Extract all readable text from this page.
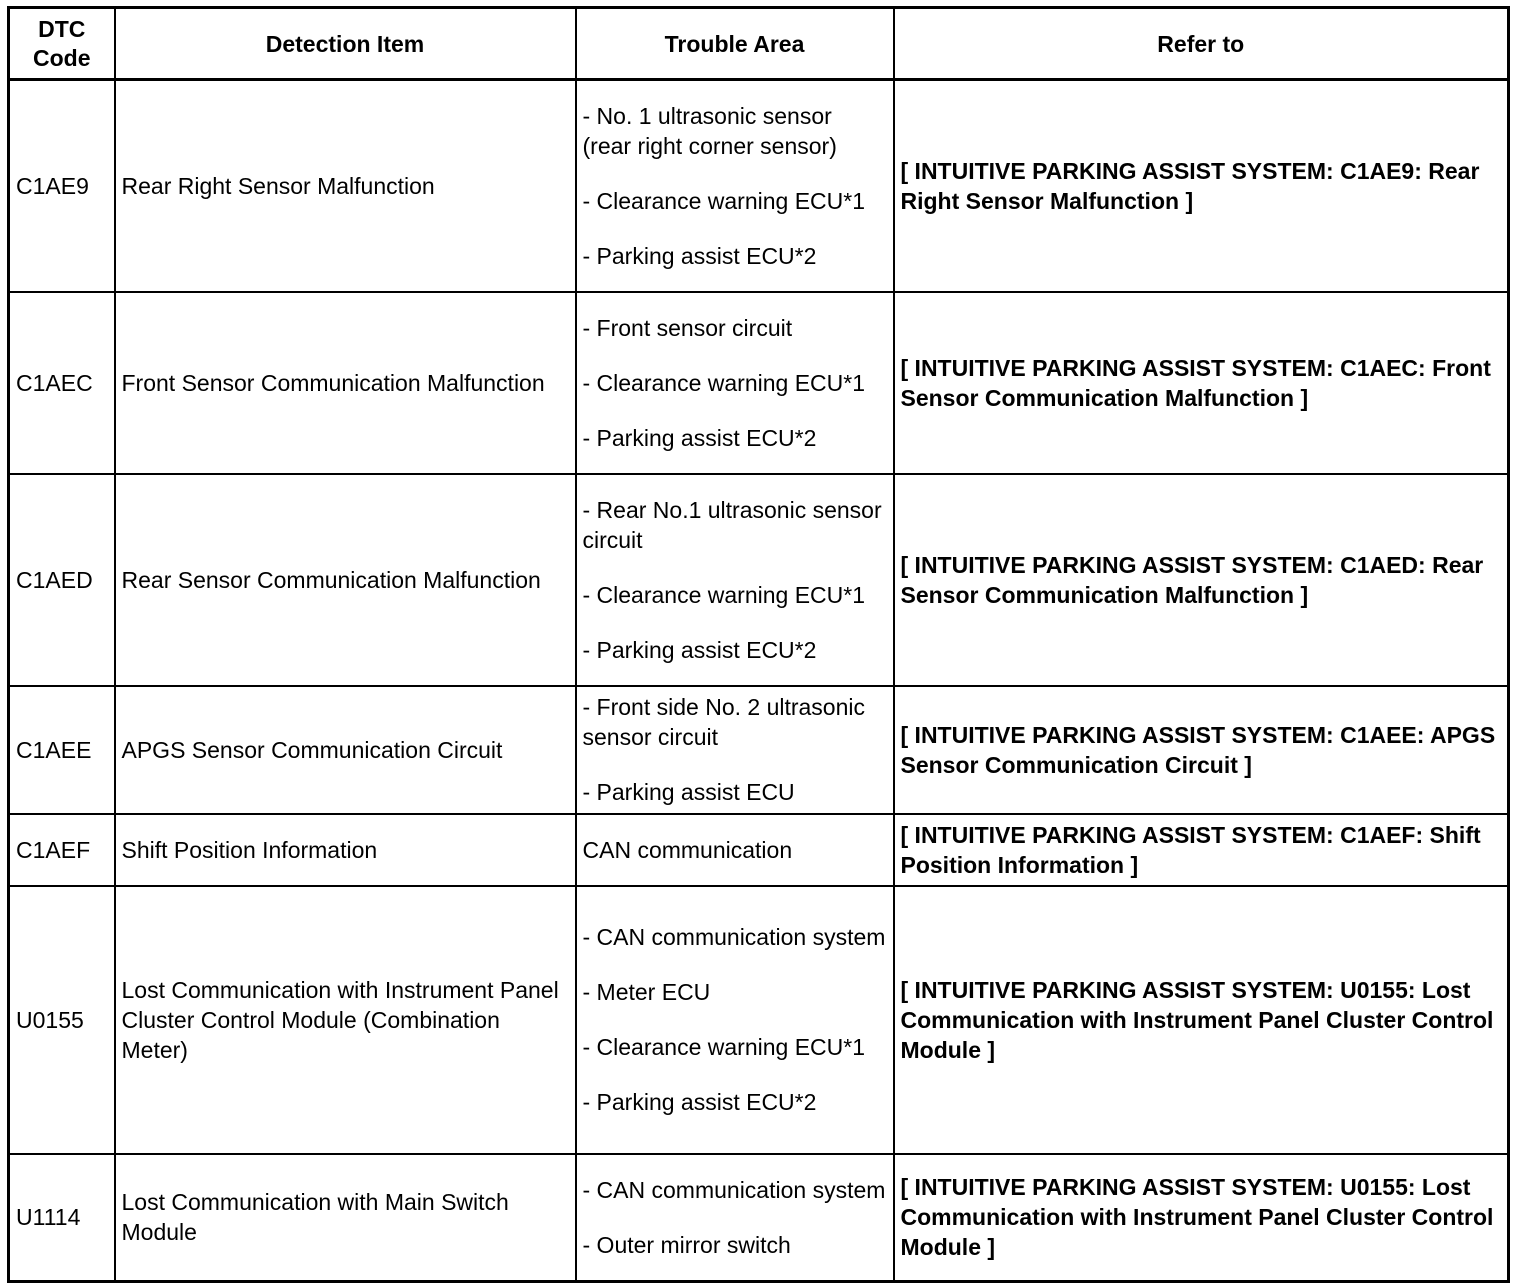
DTC Code	Detection Item	Trouble Area	Refer to
C1AE9	Rear Right Sensor Malfunction	- No. 1 ultrasonic sensor (rear right corner sensor)
- Clearance warning ECU*1
- Parking assist ECU*2	[ INTUITIVE PARKING ASSIST SYSTEM: C1AE9: Rear Right Sensor Malfunction ]

C1AEC	Front Sensor Communication Malfunction	- Front sensor circuit
- Clearance warning ECU*1
- Parking assist ECU*2	[ INTUITIVE PARKING ASSIST SYSTEM: C1AEC: Front Sensor Communication Malfunction ]

C1AED	Rear Sensor Communication Malfunction	- Rear No.1 ultrasonic sensor circuit
- Clearance warning ECU*1
- Parking assist ECU*2	[ INTUITIVE PARKING ASSIST SYSTEM: C1AED: Rear Sensor Communication Malfunction ]

C1AEE	APGS Sensor Communication Circuit	- Front side No. 2 ultrasonic sensor circuit
- Parking assist ECU	[ INTUITIVE PARKING ASSIST SYSTEM: C1AEE: APGS Sensor Communication Circuit ]

C1AEF	Shift Position Information	CAN communication	[ INTUITIVE PARKING ASSIST SYSTEM: C1AEF: Shift Position Information ]

U0155	Lost Communication with Instrument Panel Cluster Control Module (Combination Meter)	- CAN communication system
- Meter ECU
- Clearance warning ECU*1
- Parking assist ECU*2	[ INTUITIVE PARKING ASSIST SYSTEM: U0155: Lost Communication with Instrument Panel Cluster Control Module ]

U1114	Lost Communication with Main Switch Module	- CAN communication system
- Outer mirror switch	[ INTUITIVE PARKING ASSIST SYSTEM: U0155: Lost Communication with Instrument Panel Cluster Control Module ]
